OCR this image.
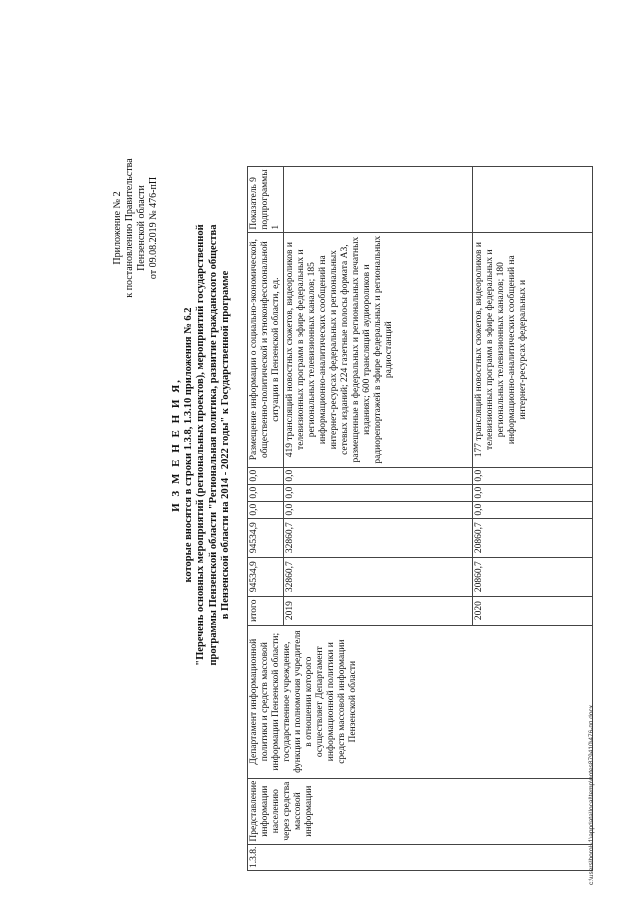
Приложение № 2 к постановлению Правительства Пензенской области от 09.08.2019 № 476-пП
И З М Е Н Е Н И Я, которые вносятся в строки 1.3.8, 1.3.10 приложения № 6.2 "Перечень основных мероприятий (региональных проектов), мероприятий государственной программы Пензенской области "Региональная политика, развитие гражданского общества в Пензенской области на 2014 - 2022 годы" к Государственной программе
1.3.8.	Представление информации населению через средства массовой информации	Департамент информационной политики и средств массовой информации Пензенской области; государственное учреждение, функции и полномочия учредителя в отношении которого осуществляет Департамент информационной политики и средств массовой информации Пензенской области	итого	94534,9	94534,9	0,0	0,0	0,0	Размещение информации о социально-экономической, общественно-политической и этноконфессиональной ситуации в Пензенской области, ед.	Показатель 9 подпрограммы 1
			2019	32860,7	32860,7	0,0	0,0	0,0	419 трансляций новостных сюжетов, видеороликов и телевизионных программ в эфире федеральных и региональных телевизионных каналов; 185 информационно-аналитических сообщений на интернет-ресурсах федеральных и региональных сетевых изданий; 224 газетные полосы формата А3, размещенные в федеральных и региональных печатных изданиях; 600 трансляций аудиороликов и радиорепортажей в эфире федеральных и региональных радиостанций	
			2020	20860,7	20860,7	0,0	0,0	0,0	177 трансляций новостных сюжетов, видеороликов и телевизионных программ в эфире федеральных и региональных телевизионных каналов; 180 информационно-аналитических сообщений на интернет-ресурсах федеральных и	
c:\users\borol~1\appdata\local\temp\notes879410\476-пп.docx
